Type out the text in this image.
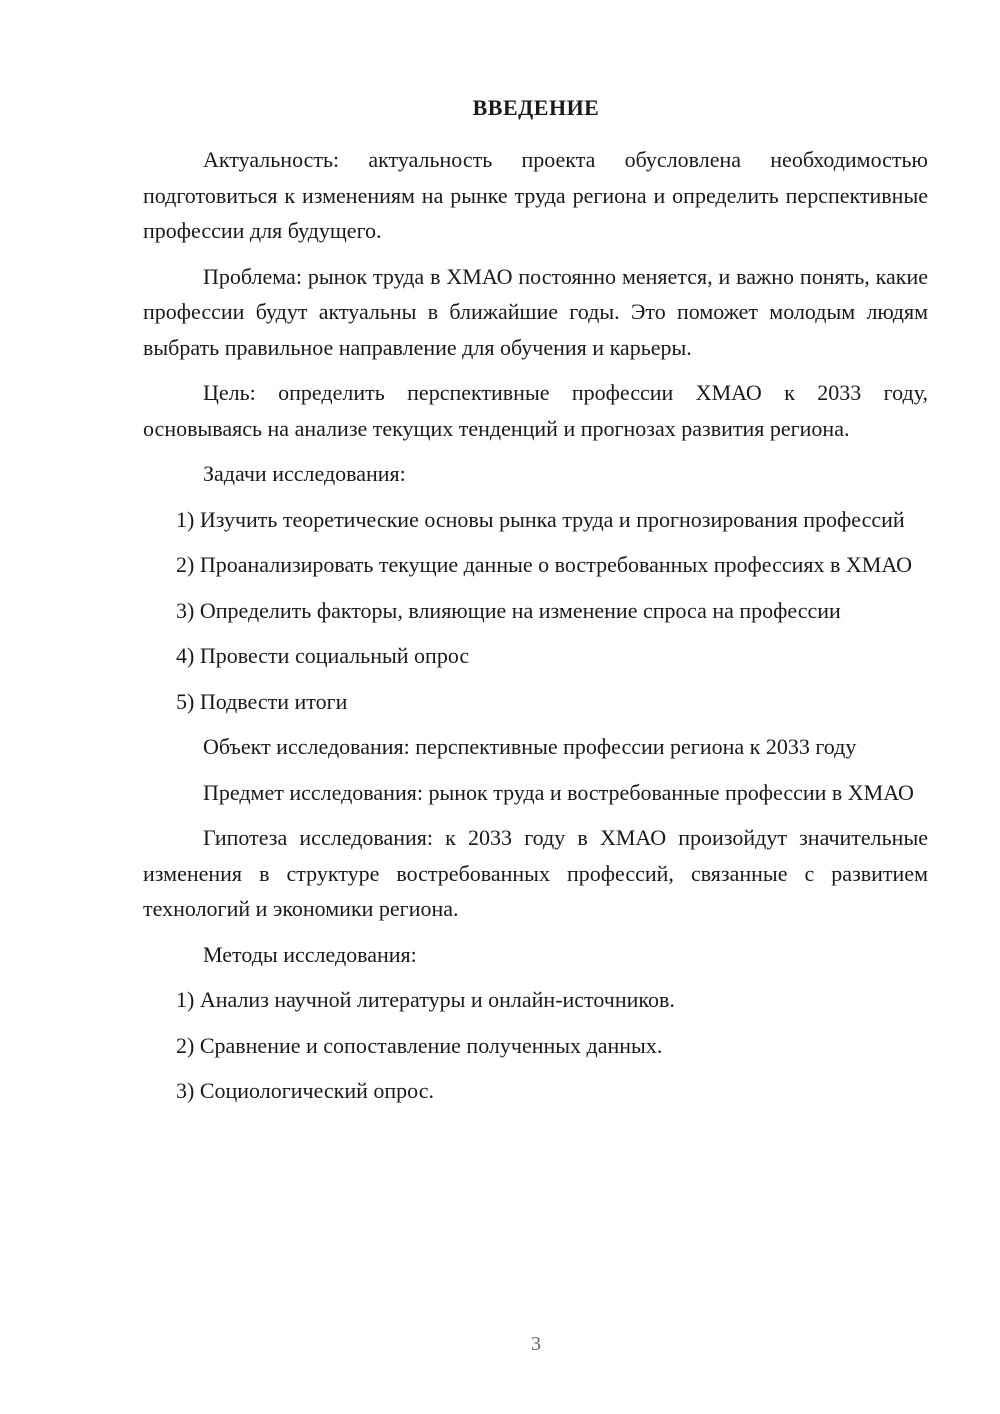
ВВЕДЕНИЕ

Актуальность: актуальность проекта обусловлена необходимостью подготовиться к изменениям на рынке труда региона и определить перспективные профессии для будущего.

Проблема: рынок труда в ХМАО постоянно меняется, и важно понять, какие профессии будут актуальны в ближайшие годы. Это поможет молодым людям выбрать правильное направление для обучения и карьеры.

Цель: определить перспективные профессии ХМАО к 2033 году, основываясь на анализе текущих тенденций и прогнозах развития региона.

Задачи исследования:

1) Изучить теоретические основы рынка труда и прогнозирования профессий

2) Проанализировать текущие данные о востребованных профессиях в ХМАО

3) Определить факторы, влияющие на изменение спроса на профессии

4) Провести социальный опрос

5) Подвести итоги

Объект исследования: перспективные профессии региона к 2033 году

Предмет исследования: рынок труда и востребованные профессии в ХМАО

Гипотеза исследования: к 2033 году в ХМАО произойдут значительные изменения в структуре востребованных профессий, связанные с развитием технологий и экономики региона.

Методы исследования:

1) Анализ научной литературы и онлайн-источников.

2) Сравнение и сопоставление полученных данных.

3) Социологический опрос.

3
